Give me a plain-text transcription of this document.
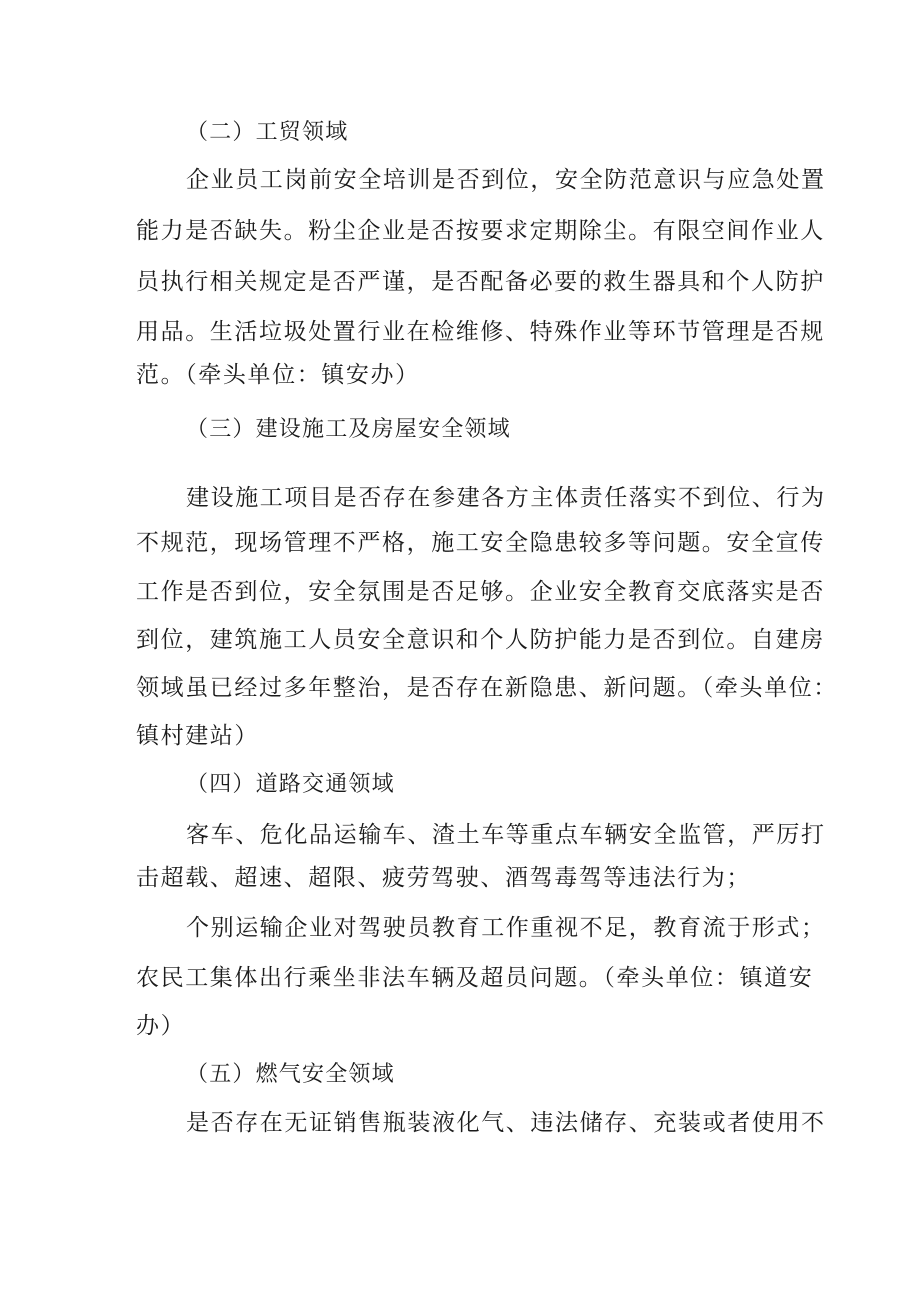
（二）工贸领域
企业员工岗前安全培训是否到位，安全防范意识与应急处置
能力是否缺失。粉尘企业是否按要求定期除尘。有限空间作业人
员执行相关规定是否严谨，是否配备必要的救生器具和个人防护
用品。生活垃圾处置行业在检维修、特殊作业等环节管理是否规
范。（牵头单位：镇安办）
（三）建设施工及房屋安全领域
建设施工项目是否存在参建各方主体责任落实不到位、行为
不规范，现场管理不严格，施工安全隐患较多等问题。安全宣传
工作是否到位，安全氛围是否足够。企业安全教育交底落实是否
到位，建筑施工人员安全意识和个人防护能力是否到位。自建房
领域虽已经过多年整治，是否存在新隐患、新问题。（牵头单位：
镇村建站）
（四）道路交通领域
客车、危化品运输车、渣土车等重点车辆安全监管，严厉打
击超载、超速、超限、疲劳驾驶、酒驾毒驾等违法行为；
个别运输企业对驾驶员教育工作重视不足，教育流于形式；
农民工集体出行乘坐非法车辆及超员问题。（牵头单位：镇道安
办）
（五）燃气安全领域
是否存在无证销售瓶装液化气、违法储存、充装或者使用不
